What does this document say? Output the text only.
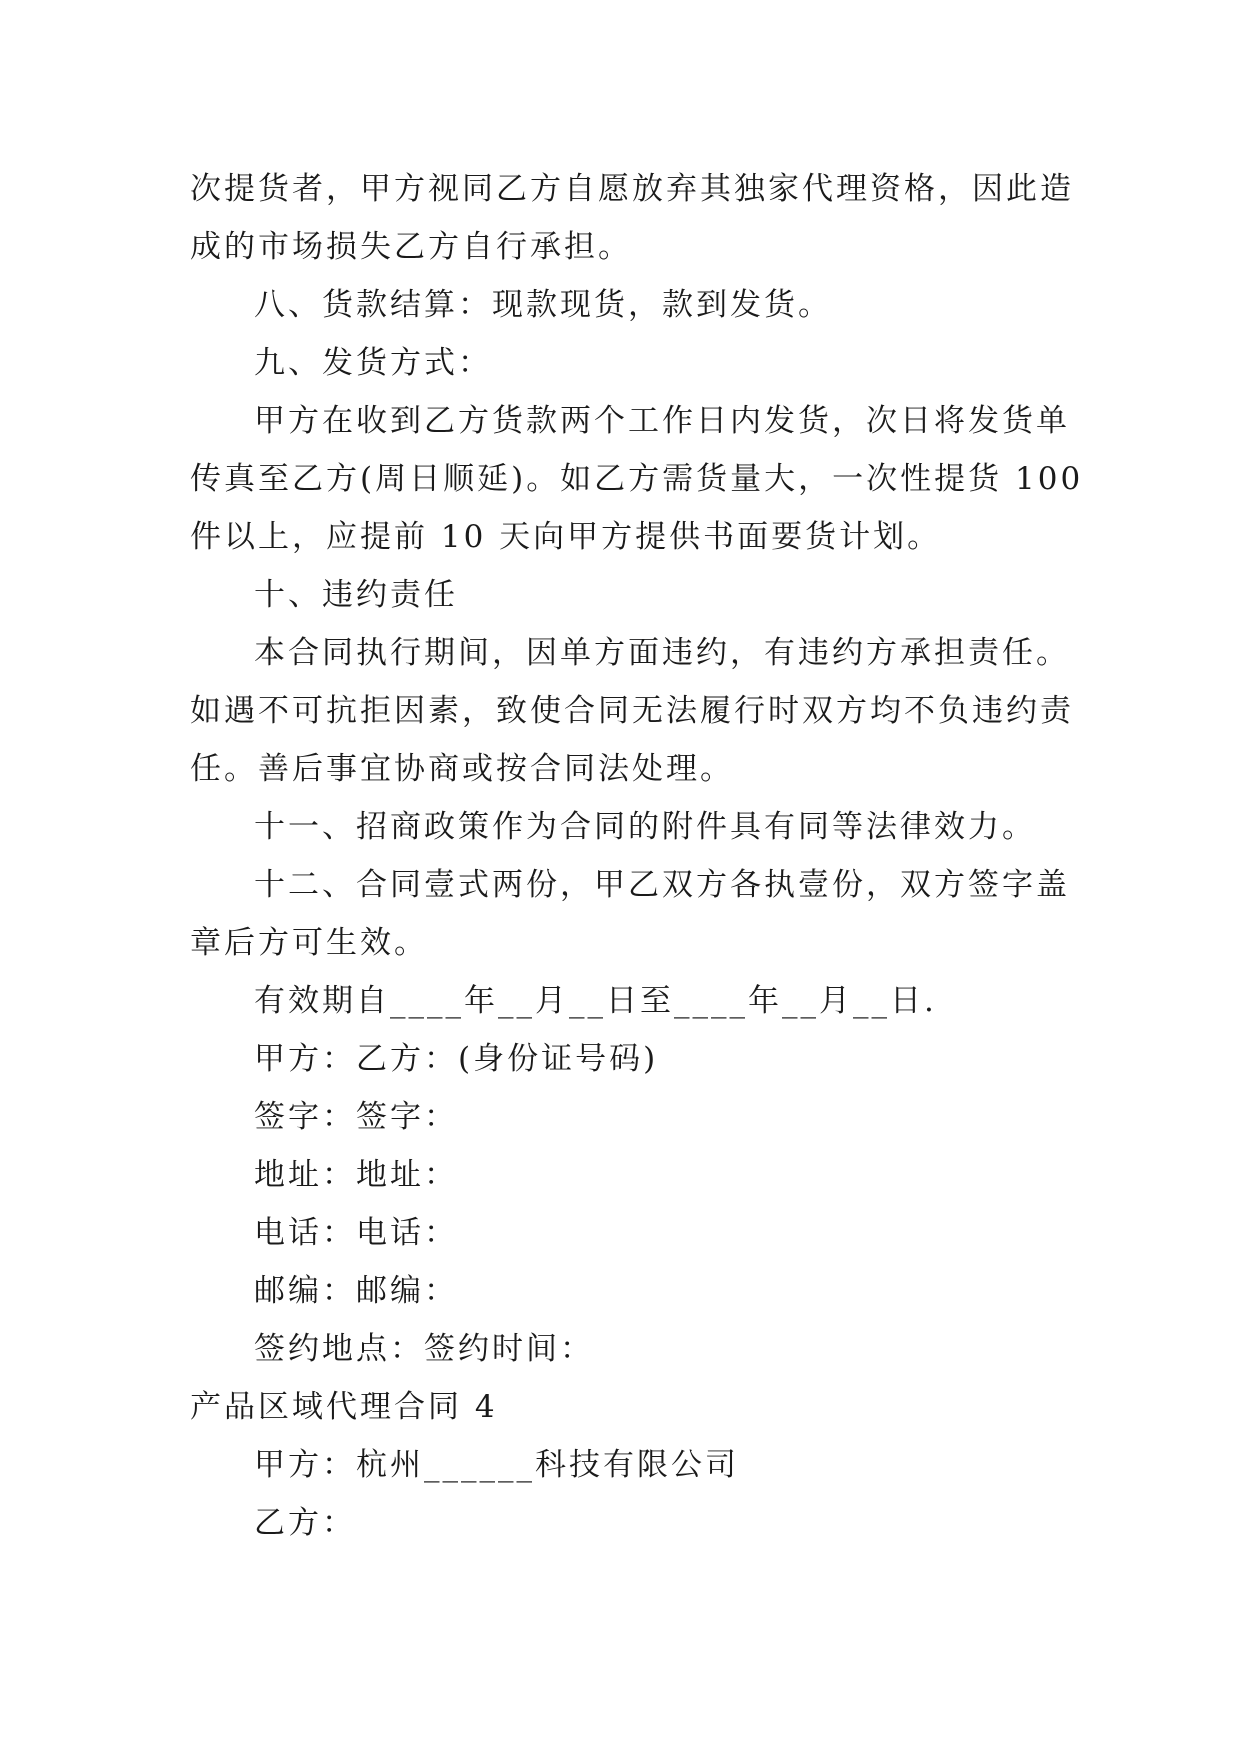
次提货者，甲方视同乙方自愿放弃其独家代理资格，因此造
成的市场损失乙方自行承担。
八、货款结算：现款现货，款到发货。
九、发货方式：
甲方在收到乙方货款两个工作日内发货，次日将发货单
传真至乙方(周日顺延)。如乙方需货量大，一次性提货 100
件以上，应提前 10 天向甲方提供书面要货计划。
十、违约责任
本合同执行期间，因单方面违约，有违约方承担责任。
如遇不可抗拒因素，致使合同无法履行时双方均不负违约责
任。善后事宜协商或按合同法处理。
十一、招商政策作为合同的附件具有同等法律效力。
十二、合同壹式两份，甲乙双方各执壹份，双方签字盖
章后方可生效。
有效期自____年__月__日至____年__月__日.
甲方：乙方：(身份证号码)
签字：签字：
地址：地址：
电话：电话：
邮编：邮编：
签约地点：签约时间：
产品区域代理合同 4
甲方：杭州______科技有限公司
乙方：
